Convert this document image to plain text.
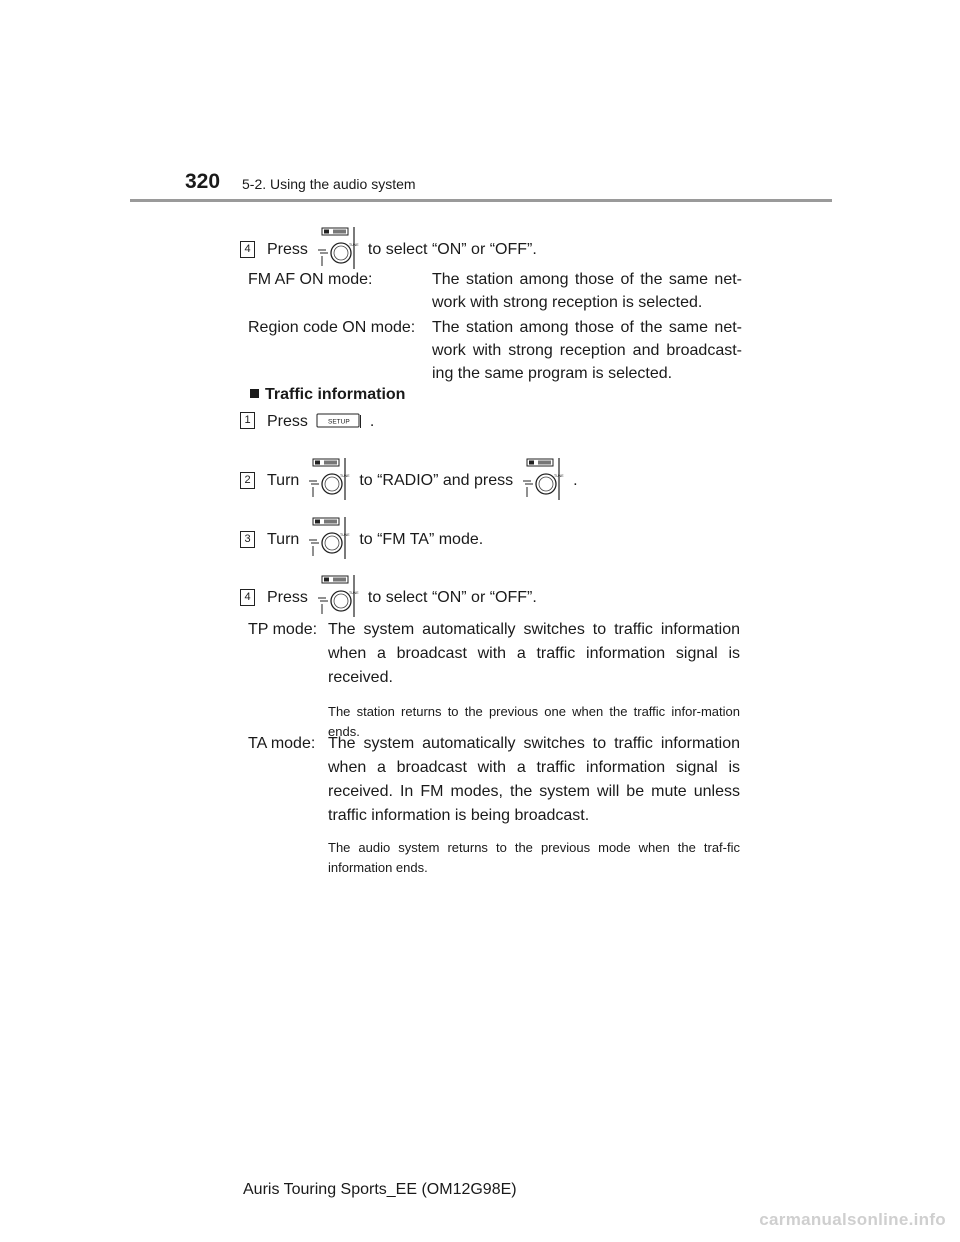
320 5-2. Using the audio system
4 Press	to select “ON” or “OFF”.
FM AF ON mode:	The station among those of the same net-work with strong reception is selected.
Region code ON mode: The station among those of the same net-work with strong reception and broadcast-ing the same program is selected.
Traffic information
1 Press	.
2 Turn	to “RADIO” and press	.
3 Turn	to “FM TA” mode.
4 Press	to select “ON” or “OFF”.
TP mode: The system automatically switches to traffic information when a broadcast with a traffic information signal is received.
The station returns to the previous one when the traffic infor-mation ends.
TA mode: The system automatically switches to traffic information when a broadcast with a traffic information signal is received. In FM modes, the system will be mute unless traffic information is being broadcast.
The audio system returns to the previous mode when the traf-fic information ends.
Auris Touring Sports_EE (OM12G98E)
carmanualsonline.info
